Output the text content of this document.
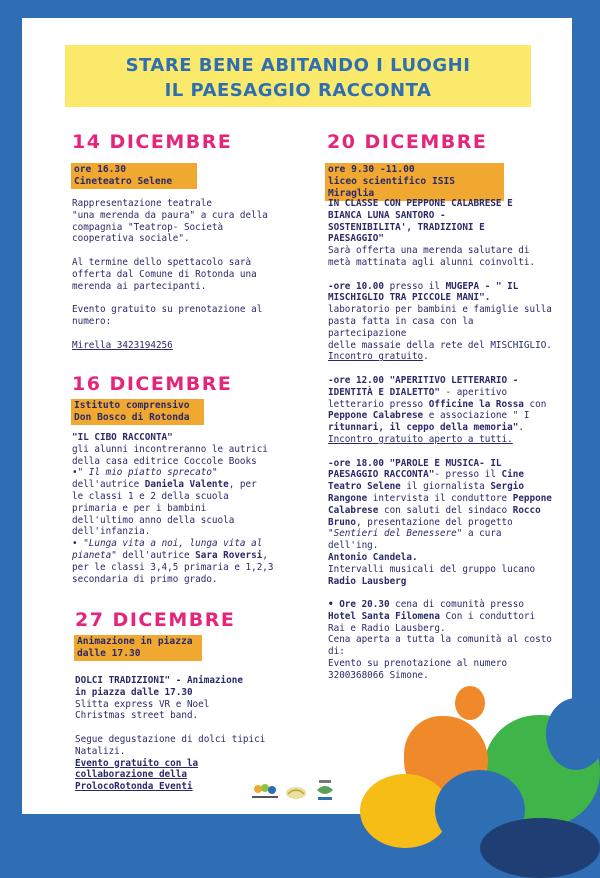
STARE BENE ABITANDO I LUOGHI
IL PAESAGGIO RACCONTA
14 DICEMBRE
ore 16.30
Cineteatro Selene

Rappresentazione teatrale

"una merenda da paura" a cura della

compagnia "Teatrop- Società

cooperativa sociale".

Al termine dello spettacolo sarà

offerta dal Comune di Rotonda una

merenda ai partecipanti.

Evento gratuito su prenotazione al

numero:

Mirella 3423194256

16 DICEMBRE
Istituto comprensivo
Don Bosco di Rotonda

"IL CIBO RACCONTA"

gli alunni incontreranno le autrici

della casa editrice Coccole Books

•" Il mio piatto sprecato"

dell'autrice Daniela Valente, per

le classi 1 e 2 della scuola

primaria e per i bambini

dell'ultimo anno della scuola

dell'infanzia.

• "Lunga vita a noi, lunga vita al

pianeta" dell'autrice Sara Roversi,

per le classi 3,4,5 primaria e 1,2,3

secondaria di primo grado.

27 DICEMBRE
Animazione in piazza
dalle 17.30

DOLCI TRADIZIONI" - Animazione

in piazza dalle 17.30

Slitta express VR e Noel

Christmas street band.

Segue degustazione di dolci tipici

Natalizi.

Evento gratuito con la

collaborazione della

ProlocoRotonda Eventi

20 DICEMBRE
ore 9.30 -11.00
liceo scientifico ISIS Miraglia

IN CLASSE CON PEPPONE CALABRESE E

BIANCA LUNA SANTORO -

SOSTENIBILITA', TRADIZIONI E

PAESAGGIO"

Sarà offerta una merenda salutare di

metà mattinata agli alunni coinvolti.

-ore 10.00 presso il MUGEPA - " IL

MISCHIGLIO TRA PICCOLE MANI".

laboratorio per bambini e famiglie sulla

pasta fatta in casa con la partecipazione

delle massaie della rete del MISCHIGLIO.

Incontro gratuito.

-ore 12.00 "APERITIVO LETTERARIO -

IDENTITÀ E DIALETTO" - aperitivo

letterario presso Officine la Rossa con

Peppone Calabrese e associazione " I

ritunnari, il ceppo della memoria".

Incontro gratuito aperto a tutti.

-ore 18.00 "PAROLE E MUSICA- IL

PAESAGGIO RACCONTA"- presso il Cine

Teatro Selene il giornalista Sergio

Rangone intervista il conduttore Peppone

Calabrese con saluti del sindaco Rocco

Bruno, presentazione del progetto

"Sentieri del Benessere" a cura dell'ing.

Antonio Candela.

Intervalli musicali del gruppo lucano

Radio Lausberg

• Ore 20.30 cena di comunità presso

Hotel Santa Filomena Con i conduttori

Rai e Radio Lausberg.

Cena aperta a tutta la comunità al costo

di:

Evento su prenotazione al numero

3200368066 Simone.
